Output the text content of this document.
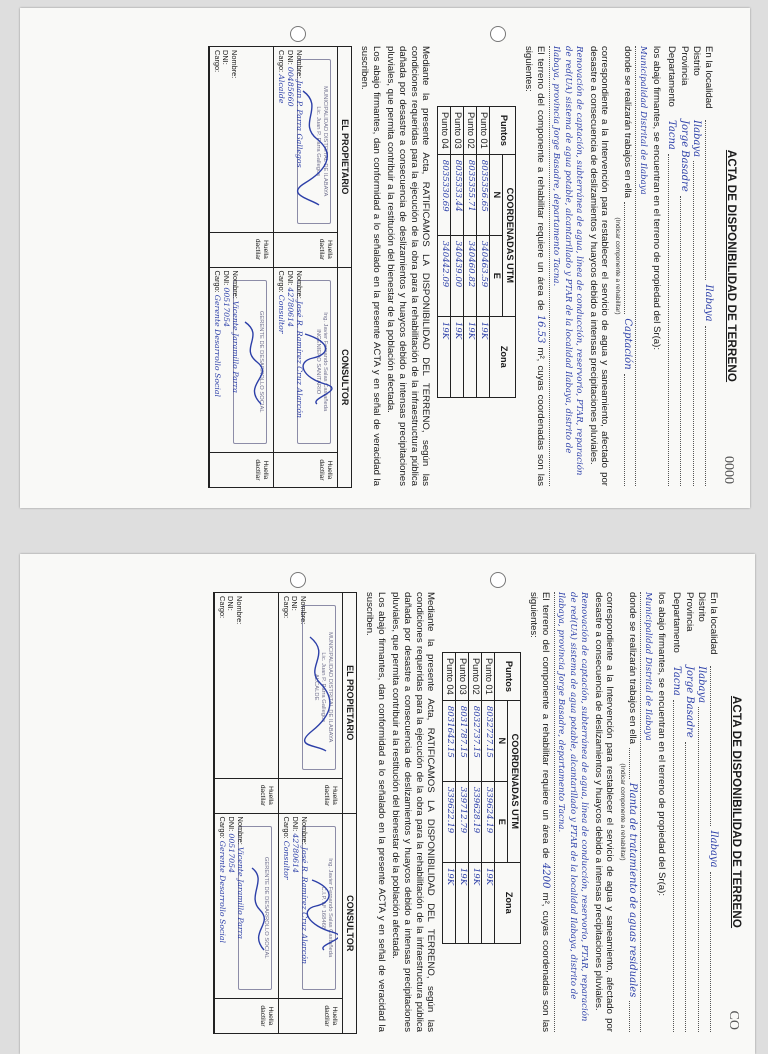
0000
ACTA DE DISPONIBILIDAD DE TERRENO
En la localidad
Ilabaya
Distrito
Ilabaya
Provincia
Jorge Basadre
Departamento
Tacna
los abajo firmantes, se encuentran en el terreno de propiedad del Sr(a):
Municipalidad Distrital de Ilabaya
donde se realizarán trabajos en ella
Captación
(Indicar componente a rehabilitar)
correspondiente a la Intervención para restablecer el servicio de agua y saneamiento, afectado por desastre a consecuencia de deslizamientos y huaycos debido a intensas precipitaciones pluviales.
Renovación de captación, subterránea de agua, línea de conducción, reservorio, PTAR, reparación de red(UA) sistema de agua potable, alcantarillado y PTAR de la localidad Ilabaya, distrito de Ilabaya, provincia Jorge Basadre, departamento Tacna.
El terreno del componente a rehabilitar requiere un área de 16.53 m², cuyas coordenadas son las siguientes:
Puntos	COORDENADAS UTM		Zona
	N	E	
Punto 01	8035356.65	340463.59	19K
Punto 02	8035355.71	340460.82	19K
Punto 03	8035333.44	340439.00	19K
Punto 04	8035330.69	340442.09	19K
Mediante la presente Acta, RATIFICAMOS LA DISPONIBILIDAD DEL TERRENO, según las condiciones requeridas para la ejecución de la obra para la rehabilitación de la infraestructura pública dañada por desastre a consecuencia de deslizamientos y huaycos debido a intensas precipitaciones pluviales, que permita contribuir a la restitución del bienestar de la población afectada.
Los abajo firmantes, dan conformidad a lo señalado en la presente ACTA y en señal de veracidad la suscriben.
EL PROPIETARIO
MUNICIPALIDAD DISTRITAL DE ILABAYA
Lic. Juan P. Parra Gallegos
Nombre: Juan P. Parra Gallegos
DNI: 00485660
Cargo: Alcalde
Huella dactilar
Nombre:
DNI:
Cargo:
Huella dactilar
CONSULTOR
Ing. Javier Fernando Salas Castañeda
INGENIERO SANITARIO
Nombre: José R. Ramírez Cruz Alarcón
DNI: 42780614
Cargo: Consultor
Huella dactilar
GERENTE DE DESARROLLO SOCIAL
Nombre: Vicente Jaramillo Parra
DNI: 00517054
Cargo: Gerente Desarrollo Social
Huella dactilar
CO
ACTA DE DISPONIBILIDAD DE TERRENO
En la localidad
Ilabaya
Distrito
Ilabaya
Provincia
Jorge Basadre
Departamento
Tacna
los abajo firmantes, se encuentran en el terreno de propiedad del Sr(a):
Municipalidad Distrital de Ilabaya
donde se realizarán trabajos en ella
Planta de tratamiento de aguas residuales
(Indicar componente a rehabilitar)
correspondiente a la Intervención para restablecer el servicio de agua y saneamiento, afectado por desastre a consecuencia de deslizamientos y huaycos debido a intensas precipitaciones pluviales.
Renovación de captación, subterránea de agua, línea de conducción, reservorio, PTAR, reparación de red(UA) sistema de agua potable, alcantarillado y PTAR de la localidad Ilabaya, distrito de Ilabaya, provincia Jorge Basadre, departamento Tacna.
El terreno del componente a rehabilitar requiere un área de 4200 m², cuyas coordenadas son las siguientes:
Puntos	COORDENADAS UTM		Zona
	N	E	
Punto 01	8032727.15	339624.19	19K
Punto 02	8032737.15	339628.19	19K
Punto 03	8031787.15	339712.79	19K
Punto 04	8031642.15	339622.19	19K
Mediante la presente Acta, RATIFICAMOS LA DISPONIBILIDAD DEL TERRENO, según las condiciones requeridas para la ejecución de la obra para la rehabilitación de la infraestructura pública dañada por desastre a consecuencia de deslizamientos y huaycos debido a intensas precipitaciones pluviales, que permita contribuir a la restitución del bienestar de la población afectada.
Los abajo firmantes, dan conformidad a lo señalado en la presente ACTA y en señal de veracidad la suscriben.
EL PROPIETARIO
MUNICIPALIDAD DISTRITAL DE ILABAYA
Lic. Juan P. Parra Gallegos
ALCALDE
Nombre:
DNI:
Cargo:
Huella dactilar
Nombre:
DNI:
Cargo:
Huella dactilar
CONSULTOR
Ing. Javier Fernando Salas Castañeda
C.I.P. Nº 168468
Nombre: José R. Ramírez Cruz Alarcón
DNI: 42780614
Cargo: Consultor
Huella dactilar
GERENTE DE DESARROLLO SOCIAL
Nombre: Vicente Jaramillo Parra
DNI: 00517054
Cargo: Gerente Desarrollo Social
Huella dactilar
